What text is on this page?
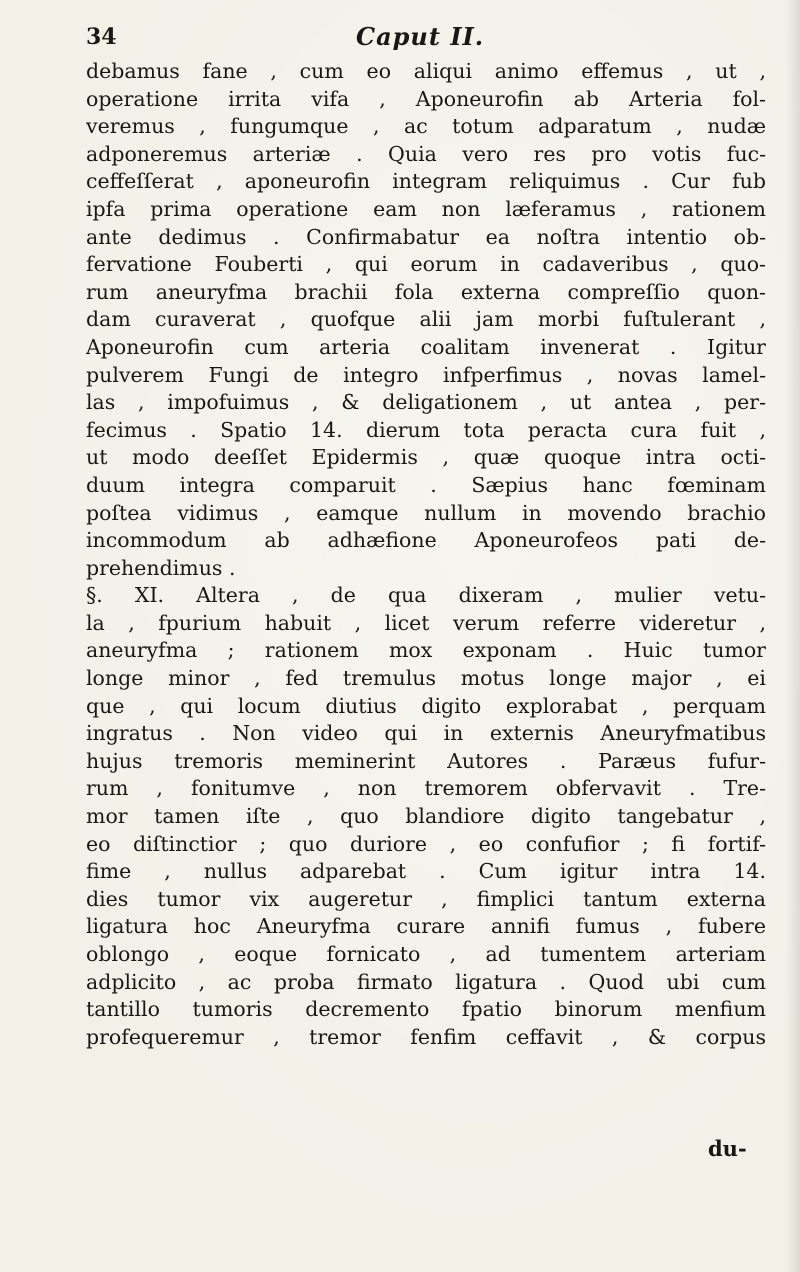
34	Caput II.
debamus fane , cum eo aliqui animo effemus , ut ,
operatione irrita vifa , Aponeurofin ab Arteria fol-
veremus , fungumque , ac totum adparatum , nudæ
adponeremus arteriæ . Quia vero res pro votis fuc-
ceffeſſerat , aponeurofin integram reliquimus . Cur fub
ipfa prima operatione eam non læferamus , rationem
ante dedimus . Confirmabatur ea noſtra intentio ob-
fervatione Fouberti , qui eorum in cadaveribus , quo-
rum aneuryfma brachii fola externa compreſſio quon-
dam curaverat , quofque alii jam morbi fuſtulerant ,
Aponeurofin cum arteria coalitam invenerat . Igitur
pulverem Fungi de integro infperfimus , novas lamel-
las , impofuimus , & deligationem , ut antea , per-
fecimus . Spatio 14. dierum tota peracta cura fuit ,
ut modo deeſſet Epidermis , quæ quoque intra octi-
duum integra comparuit . Sæpius hanc fœminam
poſtea vidimus , eamque nullum in movendo brachio
incommodum ab adhæfione Aponeurofeos pati de-
prehendimus .
§. XI. Altera , de qua dixeram , mulier vetu-
la , fpurium habuit , licet verum referre videretur ,
aneuryfma ; rationem mox exponam . Huic tumor
longe minor , fed tremulus motus longe major , ei
que , qui locum diutius digito explorabat , perquam
ingratus . Non video qui in externis Aneuryfmatibus
hujus tremoris meminerint Autores . Paræus fufur-
rum , fonitumve , non tremorem obfervavit . Tre-
mor tamen iſte , quo blandiore digito tangebatur ,
eo diſtinctior ; quo duriore , eo confufior ; fi fortif-
fime , nullus adparebat . Cum igitur intra 14.
dies tumor vix augeretur , fimplici tantum externa
ligatura hoc Aneuryfma curare annifi fumus , fubere
oblongo , eoque fornicato , ad tumentem arteriam
adplicito , ac proba firmato ligatura . Quod ubi cum
tantillo tumoris decremento fpatio binorum menfium
profequeremur , tremor fenfim ceffavit , & corpus
du-
